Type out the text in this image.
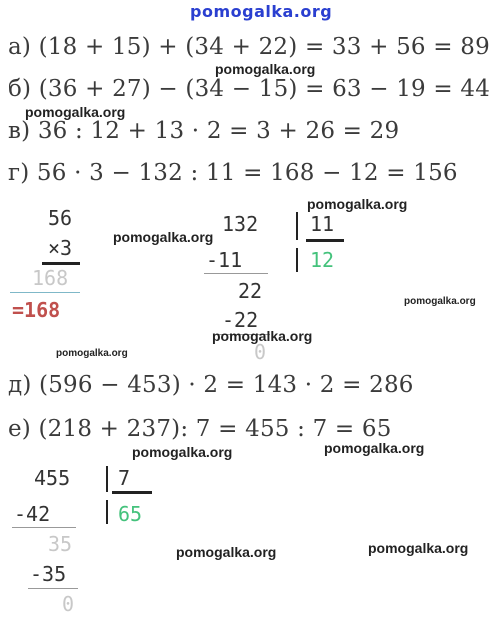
pomogalka.org
а) (18 + 15) + (34 + 22) = 33 + 56 = 89
pomogalka.org
б) (36 + 27) − (34 − 15) = 63 − 19 = 44
pomogalka.org
в) 36 : 12 + 13 · 2 = 3 + 26 = 29
г) 56 · 3 − 132 : 11 = 168 − 12 = 156
56
×3
168
=168
pomogalka.org
132	11
pomogalka.org
-11	12
22
-22
0
pomogalka.org
pomogalka.org
pomogalka.org
д) (596 − 453) · 2 = 143 · 2 = 286
е) (218 + 237): 7 = 455 : 7 = 65
pomogalka.org	pomogalka.org
455 7
-42	65
35	pomogalka.org	pomogalka.org
-35
0
